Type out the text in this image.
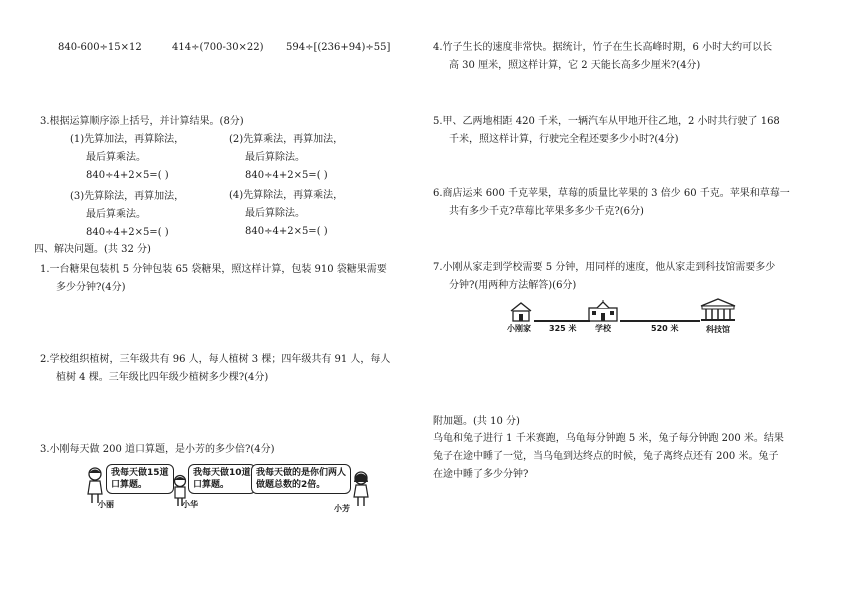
840-600÷15×12	414÷(700-30×22) 594÷[(236+94)÷55]
3.根据运算顺序添上括号，并计算结果。(8分)
(1)先算加法，再算除法，
最后算乘法。
840÷4+2×5=( )
(2)先算乘法，再算加法，
最后算除法。
840÷4+2×5=( )
(3)先算除法，再算加法，
最后算乘法。
840÷4+2×5=( )
(4)先算除法，再算乘法，
最后算除法。
840÷4+2×5=( )
四、解决问题。(共 32 分)
1.一台糖果包装机 5 分钟包装 65 袋糖果，照这样计算，包装 910 袋糖果需要
多少分钟?(4分)
2.学校组织植树，三年级共有 96 人，每人植树 3 棵；四年级共有 91 人，每人
植树 4 棵。三年级比四年级少植树多少棵?(4分)
3.小刚每天做 200 道口算题，是小芳的多少倍?(4分)
小丽
我每天做15道
口算题。
小华
我每天做10道
口算题。
我每天做的是你们两人
做题总数的2倍。
小芳
4.竹子生长的速度非常快。据统计，竹子在生长高峰时期，6 小时大约可以长
高 30 厘米，照这样计算，它 2 天能长高多少厘米?(4分)
5.甲、乙两地相距 420 千米，一辆汽车从甲地开往乙地，2 小时共行驶了 168
千米，照这样计算，行驶完全程还要多少小时?(4分)
6.商店运来 600 千克苹果，草莓的质量比苹果的 3 倍少 60 千克。苹果和草莓一
共有多少千克?草莓比苹果多多少千克?(6分)
7.小刚从家走到学校需要 5 分钟，用同样的速度，他从家走到科技馆需要多少
分钟?(用两种方法解答)(6分)
小刚家 325 米 学校	520 米	科技馆
附加题。(共 10 分)
乌龟和兔子进行 1 千米赛跑，乌龟每分钟跑 5 米，兔子每分钟跑 200 米。结果
兔子在途中睡了一觉，当乌龟到达终点的时候，兔子离终点还有 200 米。兔子
在途中睡了多少分钟?
